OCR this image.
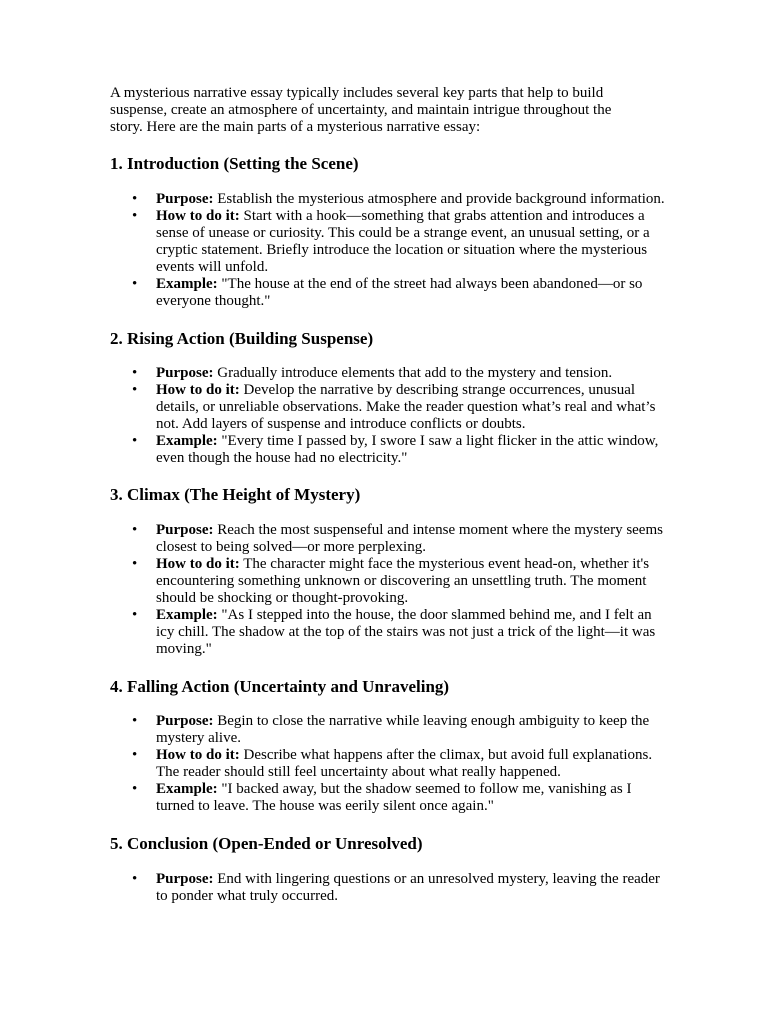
A mysterious narrative essay typically includes several key parts that help to build suspense, create an atmosphere of uncertainty, and maintain intrigue throughout the story. Here are the main parts of a mysterious narrative essay:

1. Introduction (Setting the Scene)
• Purpose: Establish the mysterious atmosphere and provide background information.
• How to do it: Start with a hook—something that grabs attention and introduces a sense of unease or curiosity. This could be a strange event, an unusual setting, or a cryptic statement. Briefly introduce the location or situation where the mysterious events will unfold.
• Example: "The house at the end of the street had always been abandoned—or so everyone thought."
2. Rising Action (Building Suspense)
• Purpose: Gradually introduce elements that add to the mystery and tension.
• How to do it: Develop the narrative by describing strange occurrences, unusual details, or unreliable observations. Make the reader question what’s real and what’s not. Add layers of suspense and introduce conflicts or doubts.
• Example: "Every time I passed by, I swore I saw a light flicker in the attic window, even though the house had no electricity."
3. Climax (The Height of Mystery)
• Purpose: Reach the most suspenseful and intense moment where the mystery seems closest to being solved—or more perplexing.
• How to do it: The character might face the mysterious event head-on, whether it's encountering something unknown or discovering an unsettling truth. The moment should be shocking or thought-provoking.
• Example: "As I stepped into the house, the door slammed behind me, and I felt an icy chill. The shadow at the top of the stairs was not just a trick of the light—it was moving."
4. Falling Action (Uncertainty and Unraveling)
• Purpose: Begin to close the narrative while leaving enough ambiguity to keep the mystery alive.
• How to do it: Describe what happens after the climax, but avoid full explanations. The reader should still feel uncertainty about what really happened.
• Example: "I backed away, but the shadow seemed to follow me, vanishing as I turned to leave. The house was eerily silent once again."
5. Conclusion (Open-Ended or Unresolved)
• Purpose: End with lingering questions or an unresolved mystery, leaving the reader to ponder what truly occurred.
